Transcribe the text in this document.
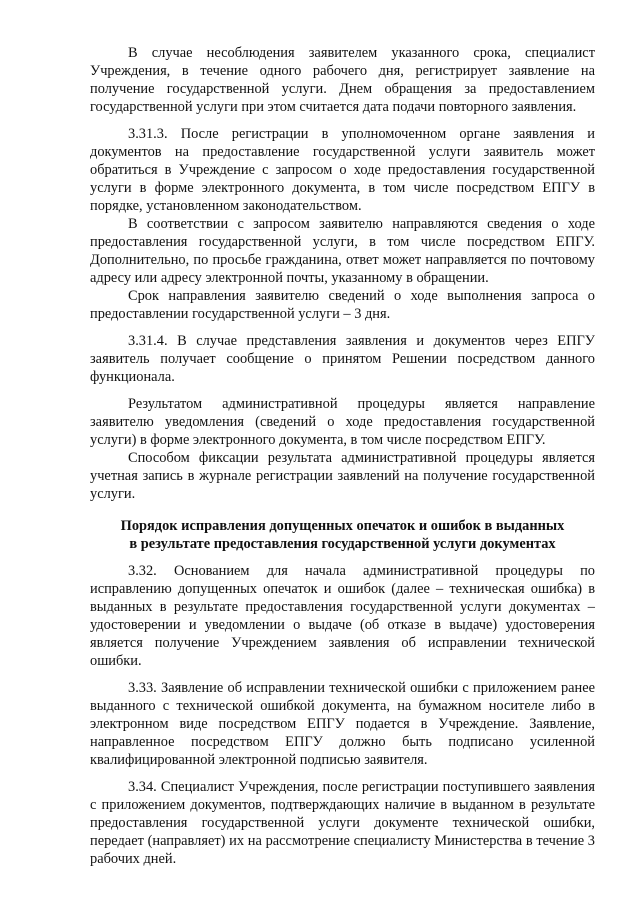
В случае несоблюдения заявителем указанного срока, специалист Учреждения, в течение одного рабочего дня, регистрирует заявление на получение государственной услуги. Днем обращения за предоставлением государственной услуги при этом считается дата подачи повторного заявления.

3.31.3. После регистрации в уполномоченном органе заявления и документов на предоставление государственной услуги заявитель может обратиться в Учреждение с запросом о ходе предоставления государственной услуги в форме электронного документа, в том числе посредством ЕПГУ в порядке, установленном законодательством.

В соответствии с запросом заявителю направляются сведения о ходе предоставления государственной услуги, в том числе посредством ЕПГУ. Дополнительно, по просьбе гражданина, ответ может направляется по почтовому адресу или адресу электронной почты, указанному в обращении.

Срок направления заявителю сведений о ходе выполнения запроса о предоставлении государственной услуги – 3 дня.

3.31.4. В случае представления заявления и документов через ЕПГУ заявитель получает сообщение о принятом Решении посредством данного функционала.

Результатом административной процедуры является направление заявителю уведомления (сведений о ходе предоставления государственной услуги) в форме электронного документа, в том числе посредством ЕПГУ.

Способом фиксации результата административной процедуры является учетная запись в журнале регистрации заявлений на получение государственной услуги.

Порядок исправления допущенных опечаток и ошибок в выданных
в результате предоставления государственной услуги документах

3.32. Основанием для начала административной процедуры по исправлению допущенных опечаток и ошибок (далее – техническая ошибка) в выданных в результате предоставления государственной услуги документах – удостоверении и уведомлении о выдаче (об отказе в выдаче) удостоверения является получение Учреждением заявления об исправлении технической ошибки.

3.33. Заявление об исправлении технической ошибки с приложением ранее выданного с технической ошибкой документа, на бумажном носителе либо в электронном виде посредством ЕПГУ подается в Учреждение. Заявление, направленное посредством ЕПГУ должно быть подписано усиленной квалифицированной электронной подписью заявителя.

3.34. Специалист Учреждения, после регистрации поступившего заявления с приложением документов, подтверждающих наличие в выданном в результате предоставления государственной услуги документе технической ошибки, передает (направляет) их на рассмотрение специалисту Министерства в течение 3 рабочих дней.
